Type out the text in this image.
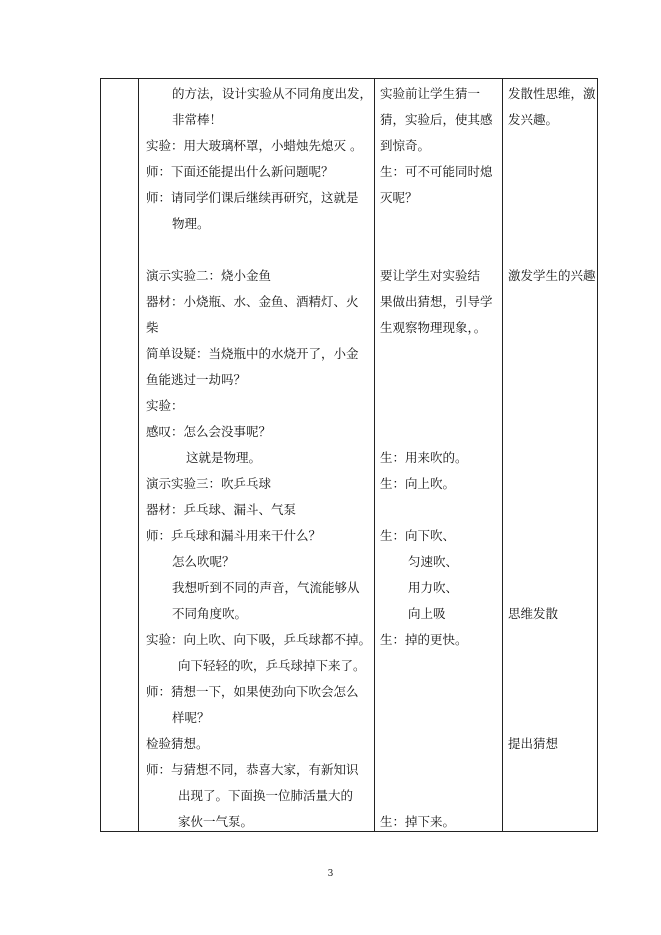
的方法，设计实验从不同角度出发，
非常棒！
实验：用大玻璃杯罩，小蜡烛先熄灭 。
师：下面还能提出什么新问题呢？
师：请同学们课后继续再研究，这就是
物理。
演示实验二：烧小金鱼
器材：小烧瓶、水、金鱼、酒精灯、火
柴
简单设疑：当烧瓶中的水烧开了，小金
鱼能逃过一劫吗？
实验：
感叹：怎么会没事呢？
这就是物理。
演示实验三：吹乒乓球
器材：乒乓球、漏斗、气泵
师：乒乓球和漏斗用来干什么？
怎么吹呢？
我想听到不同的声音，气流能够从
不同角度吹。
实验：向上吹、向下吸，乒乓球都不掉。
向下轻轻的吹，乒乓球掉下来了。
师：猜想一下，如果使劲向下吹会怎么
样呢？
检验猜想。
师：与猜想不同，恭喜大家，有新知识
出现了。下面换一位肺活量大的
家伙一气泵。
实验前让学生猜一
猜，实验后，使其感
到惊奇。
生：可不可能同时熄
灭呢？
要让学生对实验结
果做出猜想，引导学
生观察物理现象，。
生：用来吹的。
生：向上吹。
生：向下吹、
匀速吹、
用力吹、
向上吸
生：掉的更快。
生：掉下来。
发散性思维，激
发兴趣。
激发学生的兴趣
思维发散
提出猜想
3
